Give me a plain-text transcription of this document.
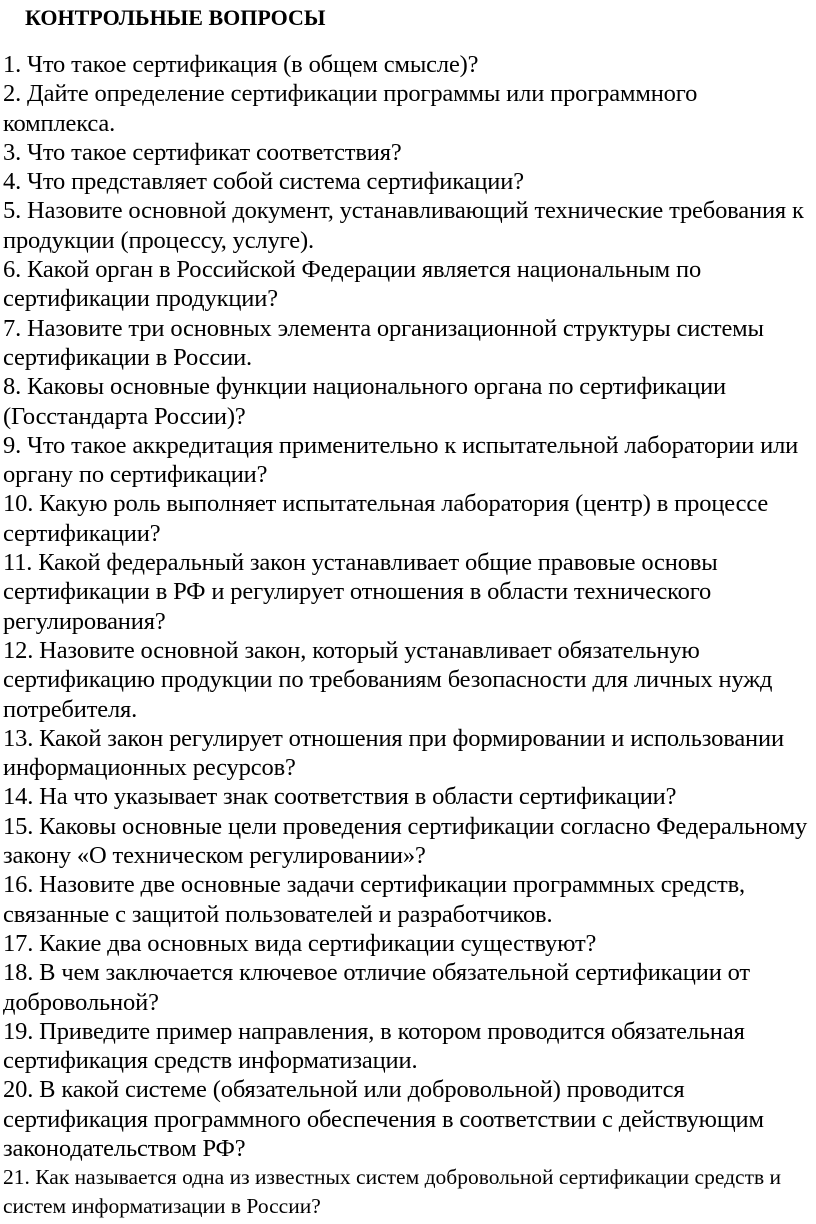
КОНТРОЛЬНЫЕ ВОПРОСЫ
1. Что такое сертификация (в общем смысле)?
2. Дайте определение сертификации программы или программного комплекса.
3. Что такое сертификат соответствия?
4. Что представляет собой система сертификации?
5. Назовите основной документ, устанавливающий технические требования к продукции (процессу, услуге).
6. Какой орган в Российской Федерации является национальным по сертификации продукции?
7. Назовите три основных элемента организационной структуры системы сертификации в России.
8. Каковы основные функции национального органа по сертификации (Госстандарта России)?
9. Что такое аккредитация применительно к испытательной лаборатории или органу по сертификации?
10. Какую роль выполняет испытательная лаборатория (центр) в процессе сертификации?
11. Какой федеральный закон устанавливает общие правовые основы сертификации в РФ и регулирует отношения в области технического регулирования?
12. Назовите основной закон, который устанавливает обязательную сертификацию продукции по требованиям безопасности для личных нужд потребителя.
13. Какой закон регулирует отношения при формировании и использовании информационных ресурсов?
14. На что указывает знак соответствия в области сертификации?
15. Каковы основные цели проведения сертификации согласно Федеральному закону «О техническом регулировании»?
16. Назовите две основные задачи сертификации программных средств, связанные с защитой пользователей и разработчиков.
17. Какие два основных вида сертификации существуют?
18. В чем заключается ключевое отличие обязательной сертификации от добровольной?
19. Приведите пример направления, в котором проводится обязательная сертификация средств информатизации.
20. В какой системе (обязательной или добровольной) проводится сертификация программного обеспечения в соответствии с действующим законодательством РФ?
21. Как называется одна из известных систем добровольной сертификации средств и систем информатизации в России?
